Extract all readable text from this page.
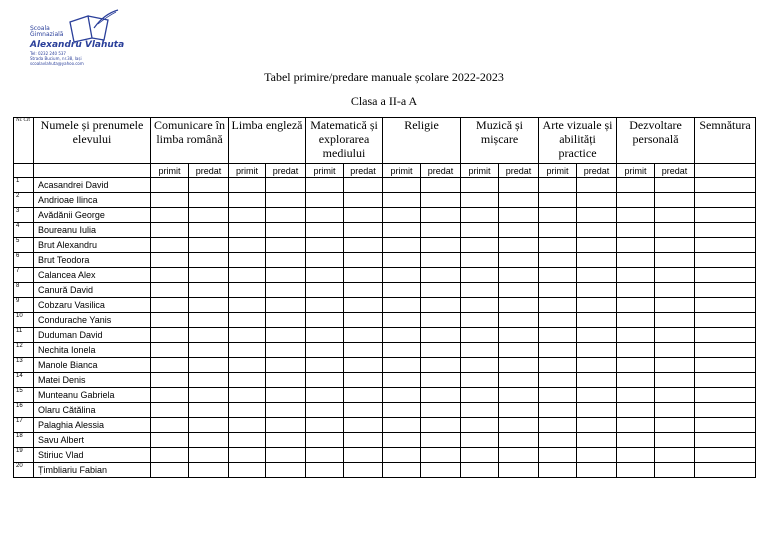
Școala
Gimnazială
Alexandru Vlahuta
Tel: 0232 240 537
Strada Bucium, nr.38, Iași
scoalavlahuta@yahoo.com
Tabel primire/predare manuale școlare 2022-2023
Clasa a II-a A
Nr. Crt	Numele și prenumele elevului	Comunicare în limba română		Limba engleză		Matematică și explorarea mediului		Religie		Muzică și mișcare		Arte vizuale și abilități practice		Dezvoltare personală		Semnătura
		primit	predat	primit	predat	primit	predat	primit	predat	primit	predat	primit	predat	primit	predat	
1	Acasandrei David															
2	Andrioae Ilinca															
3	Avădănii George															
4	Boureanu Iulia															
5	Brut Alexandru															
6	Brut Teodora															
7	Calancea Alex															
8	Canură David															
9	Cobzaru Vasilica															
10	Condurache Yanis															
11	Duduman David															
12	Nechita Ionela															
13	Manole Bianca															
14	Matei Denis															
15	Munteanu Gabriela															
16	Olaru Cătălina															
17	Palaghia Alessia															
18	Savu Albert															
19	Stiriuc Vlad															
20	Țimbliariu Fabian															
